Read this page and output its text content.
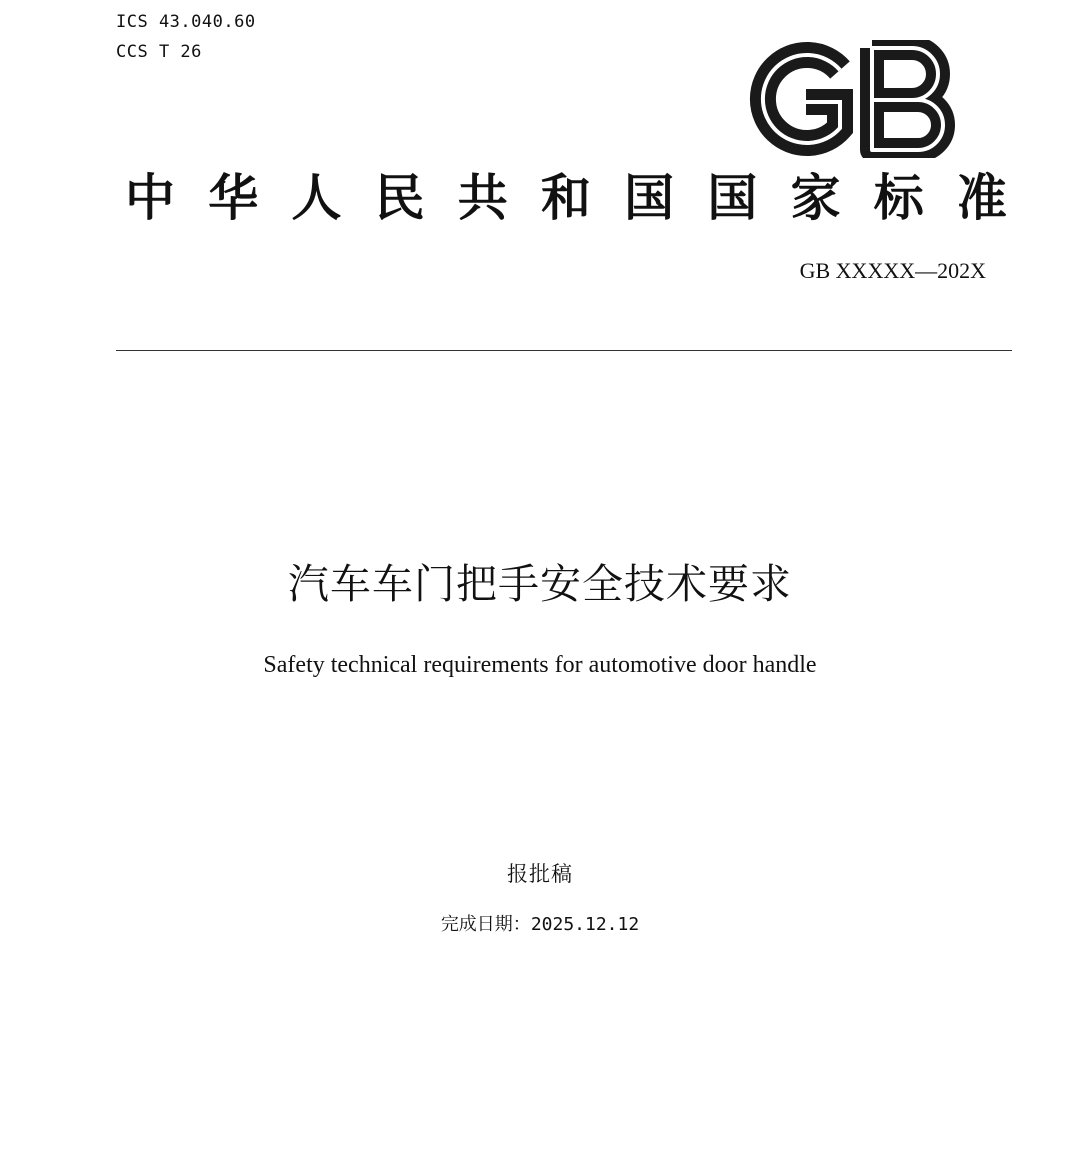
ICS 43.040.60
CCS T 26
中 华 人 民 共 和 国 国 家 标 准
GB XXXXX—202X
汽车车门把手安全技术要求
Safety technical requirements for automotive door handle
报批稿
完成日期：2025.12.12
